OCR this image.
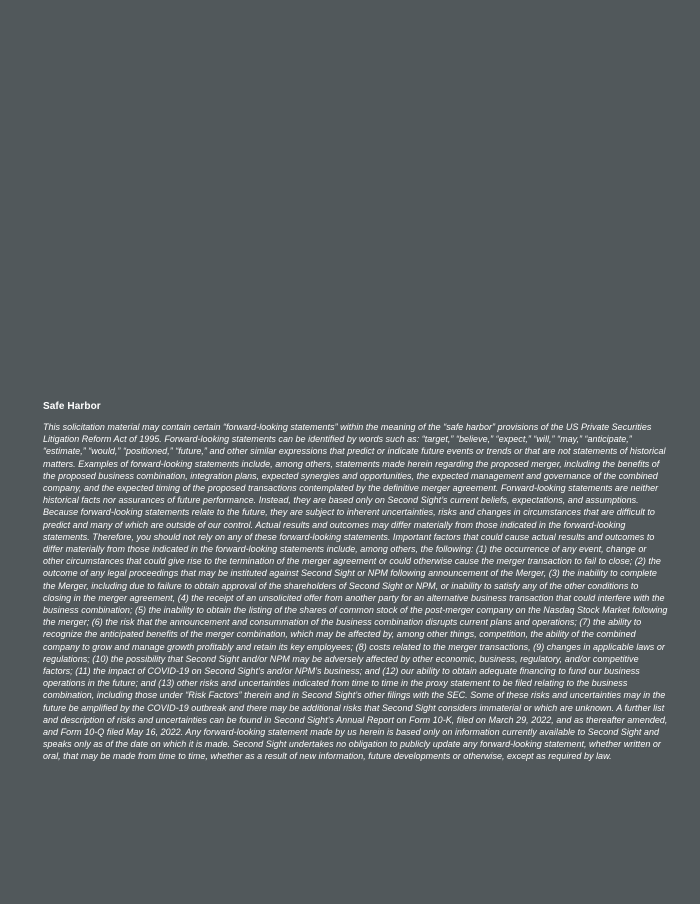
Safe Harbor

This solicitation material may contain certain “forward-looking statements” within the meaning of the “safe harbor” provisions of the US Private Securities Litigation Reform Act of 1995. Forward-looking statements can be identified by words such as: “target,” “believe,” “expect,” “will,” “may,” “anticipate,” “estimate,” “would,” “positioned,” “future,” and other similar expressions that predict or indicate future events or trends or that are not statements of historical matters. Examples of forward-looking statements include, among others, statements made herein regarding the proposed merger, including the benefits of the proposed business combination, integration plans, expected synergies and opportunities, the expected management and governance of the combined company, and the expected timing of the proposed transactions contemplated by the definitive merger agreement. Forward-looking statements are neither historical facts nor assurances of future performance. Instead, they are based only on Second Sight’s current beliefs, expectations, and assumptions. Because forward-looking statements relate to the future, they are subject to inherent uncertainties, risks and changes in circumstances that are difficult to predict and many of which are outside of our control. Actual results and outcomes may differ materially from those indicated in the forward-looking statements. Therefore, you should not rely on any of these forward-looking statements. Important factors that could cause actual results and outcomes to differ materially from those indicated in the forward-looking statements include, among others, the following: (1) the occurrence of any event, change or other circumstances that could give rise to the termination of the merger agreement or could otherwise cause the merger transaction to fail to close; (2) the outcome of any legal proceedings that may be instituted against Second Sight or NPM following announcement of the Merger, (3) the inability to complete the Merger, including due to failure to obtain approval of the shareholders of Second Sight or NPM, or inability to satisfy any of the other conditions to closing in the merger agreement, (4) the receipt of an unsolicited offer from another party for an alternative business transaction that could interfere with the business combination; (5) the inability to obtain the listing of the shares of common stock of the post-merger company on the Nasdaq Stock Market following the merger; (6) the risk that the announcement and consummation of the business combination disrupts current plans and operations; (7) the ability to recognize the anticipated benefits of the merger combination, which may be affected by, among other things, competition, the ability of the combined company to grow and manage growth profitably and retain its key employees; (8) costs related to the merger transactions, (9) changes in applicable laws or regulations; (10) the possibility that Second Sight and/or NPM may be adversely affected by other economic, business, regulatory, and/or competitive factors; (11) the impact of COVID-19 on Second Sight’s and/or NPM’s business; and (12) our ability to obtain adequate financing to fund our business operations in the future; and (13) other risks and uncertainties indicated from time to time in the proxy statement to be filed relating to the business combination, including those under “Risk Factors” therein and in Second Sight’s other filings with the SEC. Some of these risks and uncertainties may in the future be amplified by the COVID-19 outbreak and there may be additional risks that Second Sight considers immaterial or which are unknown. A further list and description of risks and uncertainties can be found in Second Sight’s Annual Report on Form 10-K, filed on March 29, 2022, and as thereafter amended, and Form 10-Q filed May 16, 2022. Any forward-looking statement made by us herein is based only on information currently available to Second Sight and speaks only as of the date on which it is made. Second Sight undertakes no obligation to publicly update any forward-looking statement, whether written or oral, that may be made from time to time, whether as a result of new information, future developments or otherwise, except as required by law.
